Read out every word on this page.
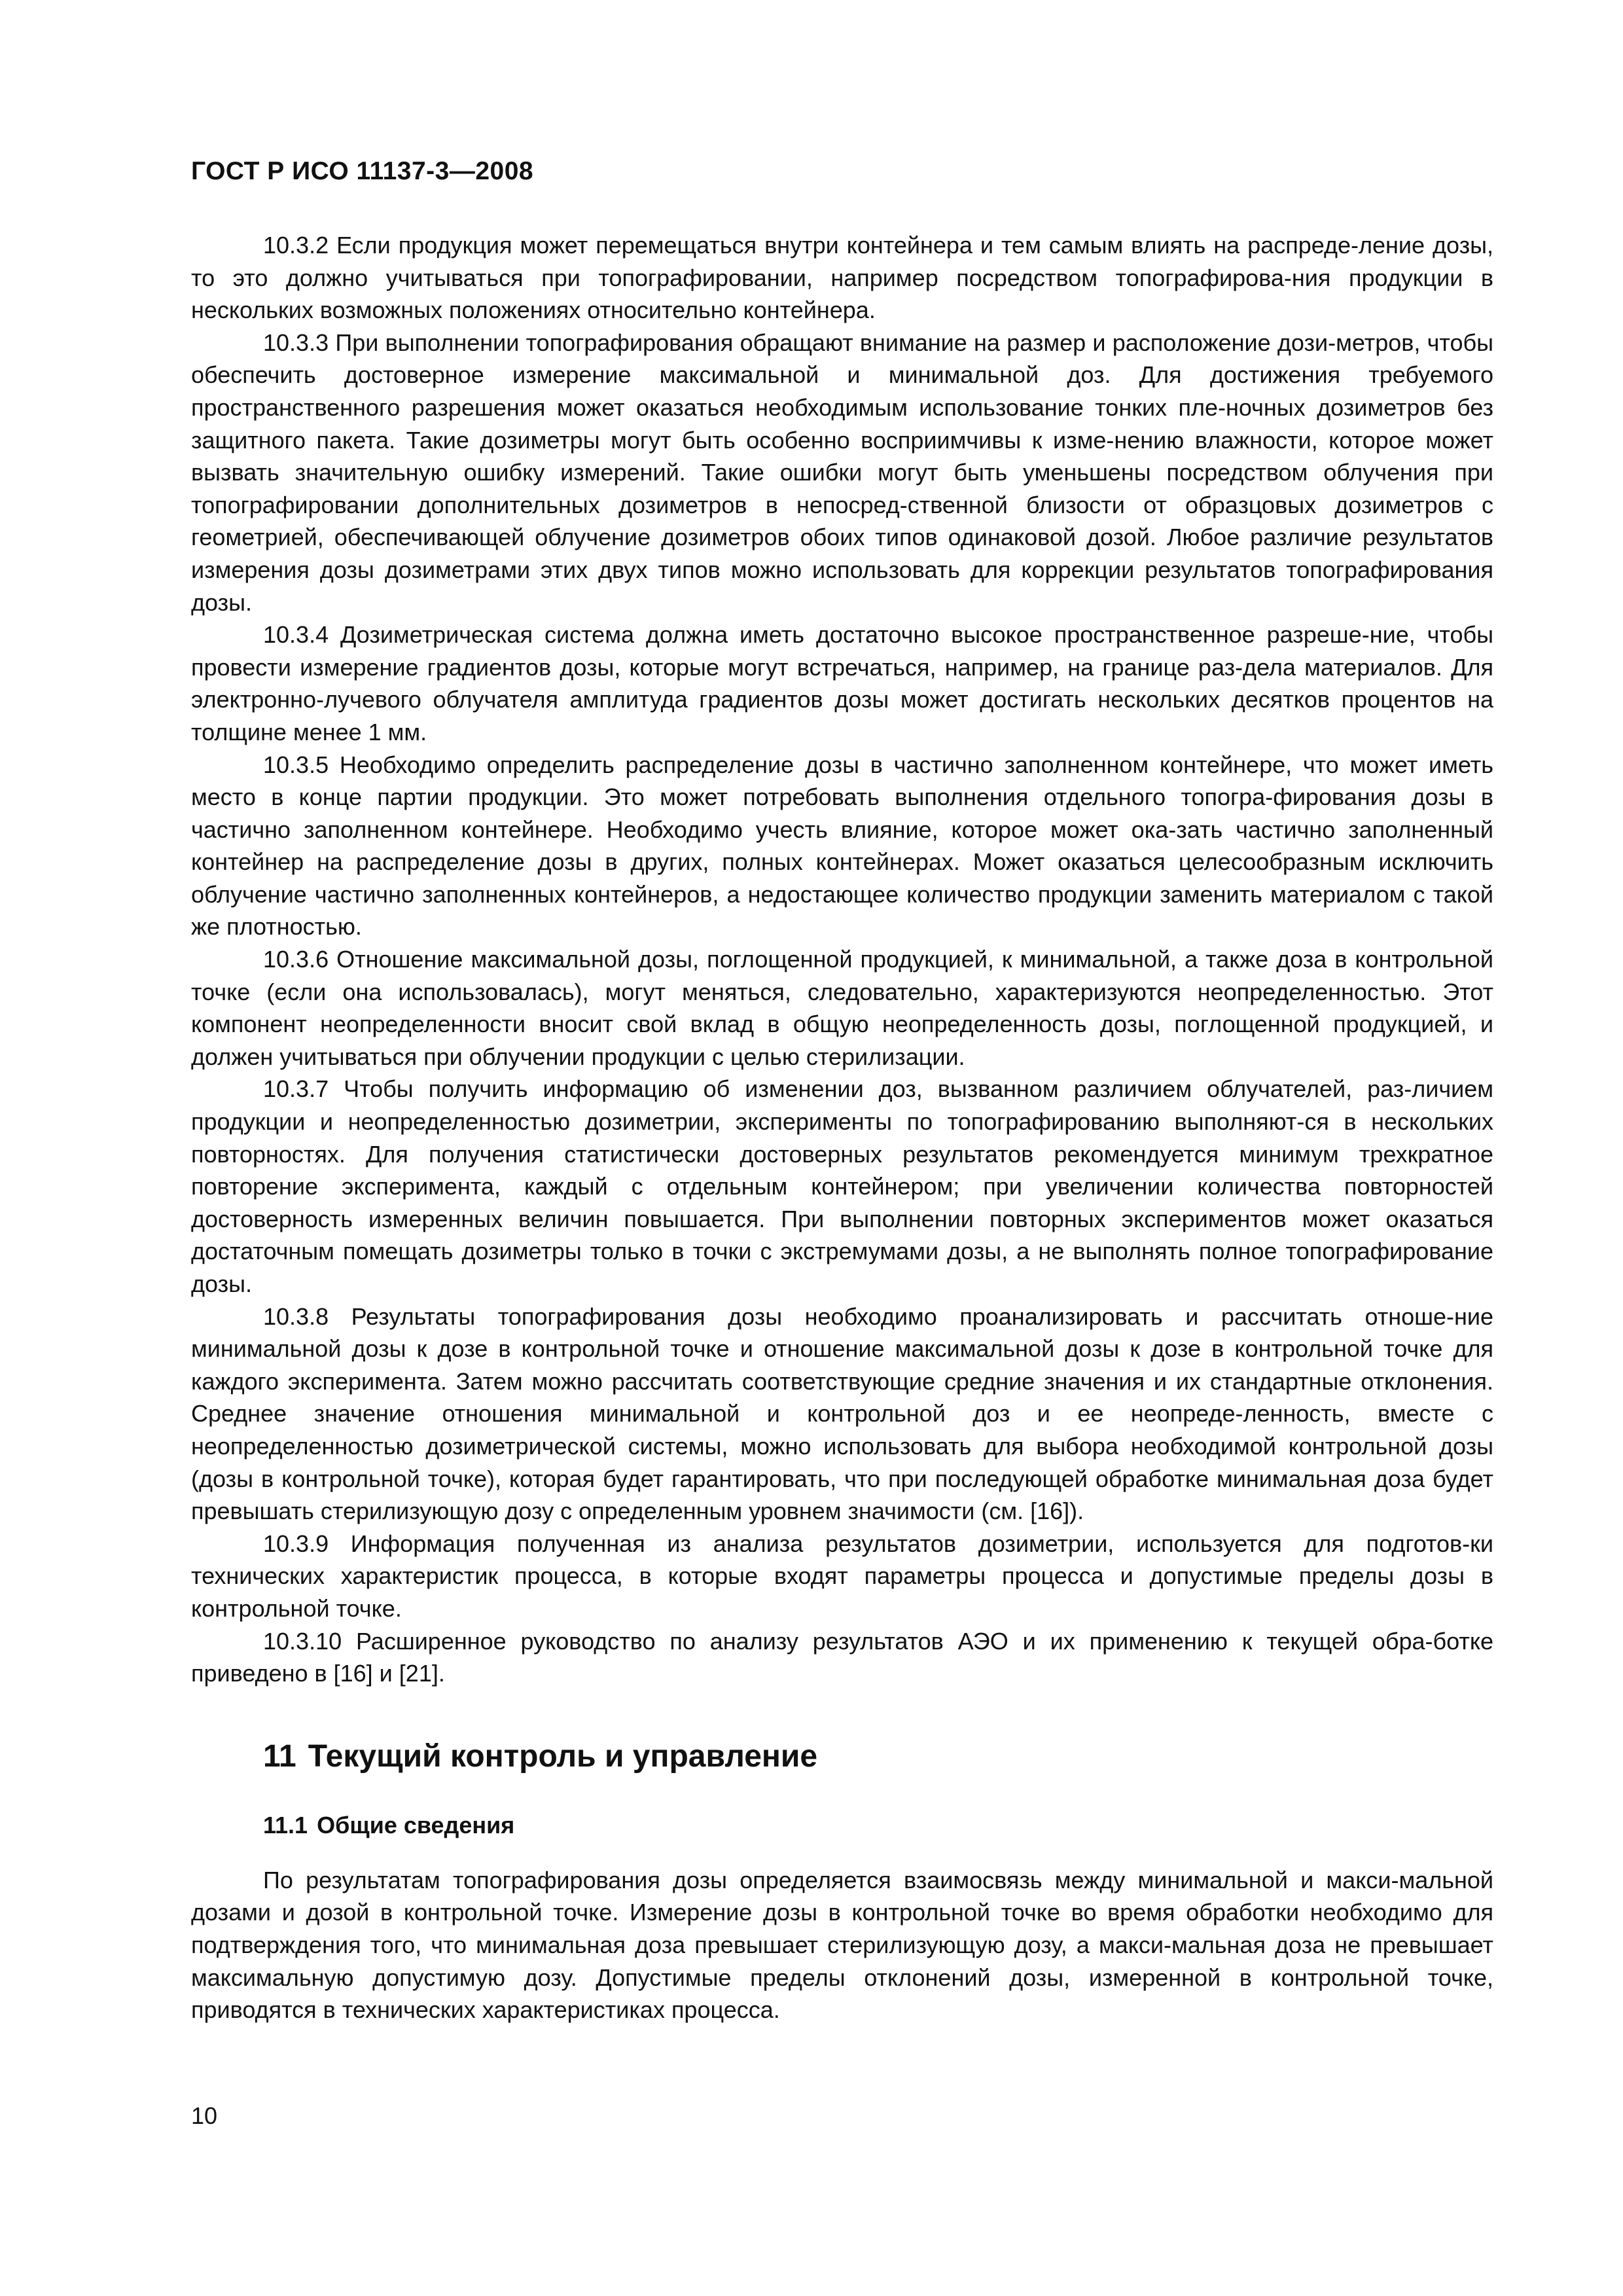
ГОСТ Р ИСО 11137-3—2008

10.3.2 Если продукция может перемещаться внутри контейнера и тем самым влиять на распреде-ление дозы, то это должно учитываться при топографировании, например посредством топографирова-ния продукции в нескольких возможных положениях относительно контейнера.

10.3.3 При выполнении топографирования обращают внимание на размер и расположение дози-метров, чтобы обеспечить достоверное измерение максимальной и минимальной доз. Для достижения требуемого пространственного разрешения может оказаться необходимым использование тонких пле-ночных дозиметров без защитного пакета. Такие дозиметры могут быть особенно восприимчивы к изме-нению влажности, которое может вызвать значительную ошибку измерений. Такие ошибки могут быть уменьшены посредством облучения при топографировании дополнительных дозиметров в непосред-ственной близости от образцовых дозиметров с геометрией, обеспечивающей облучение дозиметров обоих типов одинаковой дозой. Любое различие результатов измерения дозы дозиметрами этих двух типов можно использовать для коррекции результатов топографирования дозы.

10.3.4 Дозиметрическая система должна иметь достаточно высокое пространственное разреше-ние, чтобы провести измерение градиентов дозы, которые могут встречаться, например, на границе раз-дела материалов. Для электронно-лучевого облучателя амплитуда градиентов дозы может достигать нескольких десятков процентов на толщине менее 1 мм.

10.3.5 Необходимо определить распределение дозы в частично заполненном контейнере, что может иметь место в конце партии продукции. Это может потребовать выполнения отдельного топогра-фирования дозы в частично заполненном контейнере. Необходимо учесть влияние, которое может ока-зать частично заполненный контейнер на распределение дозы в других, полных контейнерах. Может оказаться целесообразным исключить облучение частично заполненных контейнеров, а недостающее количество продукции заменить материалом с такой же плотностью.

10.3.6 Отношение максимальной дозы, поглощенной продукцией, к минимальной, а также доза в контрольной точке (если она использовалась), могут меняться, следовательно, характеризуются неопределенностью. Этот компонент неопределенности вносит свой вклад в общую неопределенность дозы, поглощенной продукцией, и должен учитываться при облучении продукции с целью стерилизации.

10.3.7 Чтобы получить информацию об изменении доз, вызванном различием облучателей, раз-личием продукции и неопределенностью дозиметрии, эксперименты по топографированию выполняют-ся в нескольких повторностях. Для получения статистически достоверных результатов рекомендуется минимум трехкратное повторение эксперимента, каждый с отдельным контейнером; при увеличении количества повторностей достоверность измеренных величин повышается. При выполнении повторных экспериментов может оказаться достаточным помещать дозиметры только в точки с экстремумами дозы, а не выполнять полное топографирование дозы.

10.3.8 Результаты топографирования дозы необходимо проанализировать и рассчитать отноше-ние минимальной дозы к дозе в контрольной точке и отношение максимальной дозы к дозе в контрольной точке для каждого эксперимента. Затем можно рассчитать соответствующие средние значения и их стандартные отклонения. Среднее значение отношения минимальной и контрольной доз и ее неопреде-ленность, вместе с неопределенностью дозиметрической системы, можно использовать для выбора необходимой контрольной дозы (дозы в контрольной точке), которая будет гарантировать, что при последующей обработке минимальная доза будет превышать стерилизующую дозу с определенным уровнем значимости (см. [16]).

10.3.9 Информация полученная из анализа результатов дозиметрии, используется для подготов-ки технических характеристик процесса, в которые входят параметры процесса и допустимые пределы дозы в контрольной точке.

10.3.10 Расширенное руководство по анализу результатов АЭО и их применению к текущей обра-ботке приведено в [16] и [21].

11 Текущий контроль и управление
11.1 Общие сведения

По результатам топографирования дозы определяется взаимосвязь между минимальной и макси-мальной дозами и дозой в контрольной точке. Измерение дозы в контрольной точке во время обработки необходимо для подтверждения того, что минимальная доза превышает стерилизующую дозу, а макси-мальная доза не превышает максимальную допустимую дозу. Допустимые пределы отклонений дозы, измеренной в контрольной точке, приводятся в технических характеристиках процесса.

10
